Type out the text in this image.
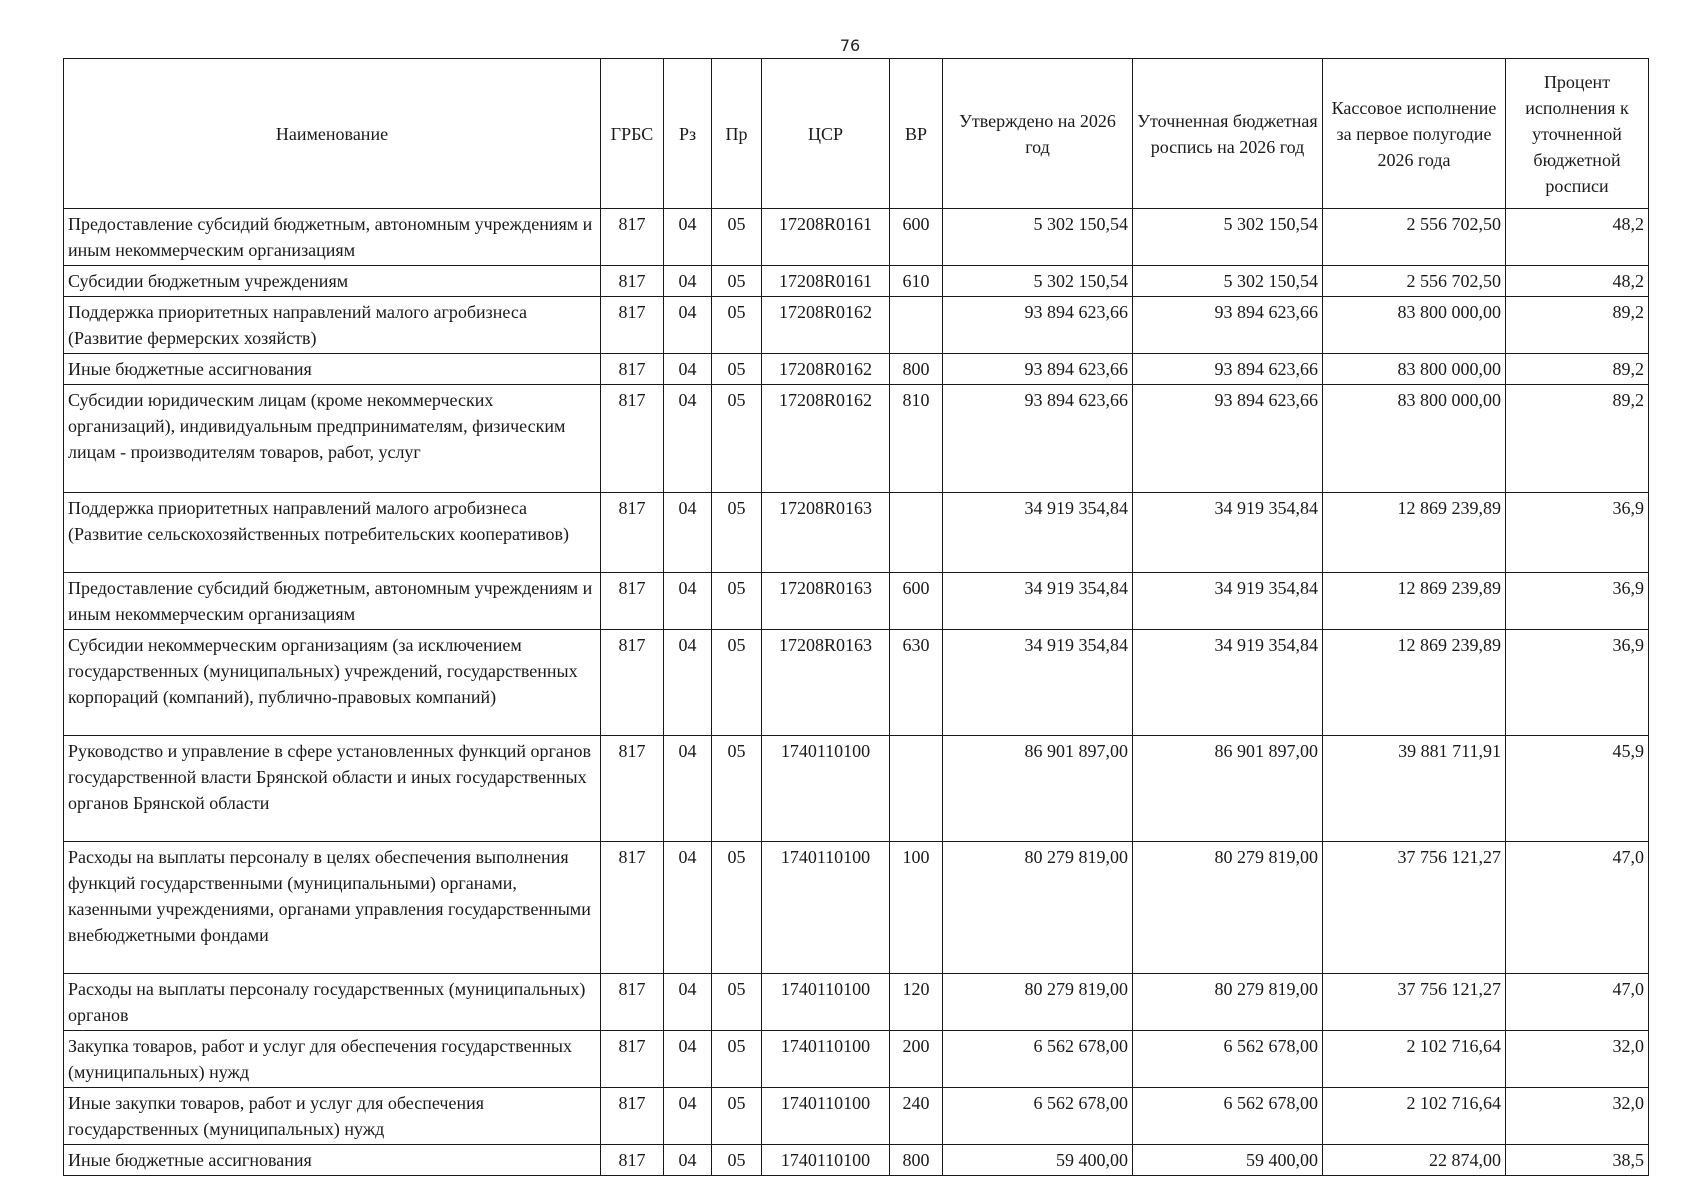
76
Наименование	ГРБС	Рз	Пр	ЦСР	ВР	Утверждено на 2026 год	Уточненная бюджетная роспись на 2026 год	Кассовое исполнение за первое полугодие 2026 года	Процент исполнения к уточненной бюджетной росписи
Предоставление субсидий бюджетным, автономным учреждениям и иным некоммерческим организациям	817	04	05	17208R0161	600	5 302 150,54	5 302 150,54	2 556 702,50	48,2
Субсидии бюджетным учреждениям	817	04	05	17208R0161	610	5 302 150,54	5 302 150,54	2 556 702,50	48,2
Поддержка приоритетных направлений малого агробизнеса (Развитие фермерских хозяйств)	817	04	05	17208R0162		93 894 623,66	93 894 623,66	83 800 000,00	89,2
Иные бюджетные ассигнования	817	04	05	17208R0162	800	93 894 623,66	93 894 623,66	83 800 000,00	89,2
Субсидии юридическим лицам (кроме некоммерческих организаций), индивидуальным предпринимателям, физическим лицам - производителям товаров, работ, услуг	817	04	05	17208R0162	810	93 894 623,66	93 894 623,66	83 800 000,00	89,2
Поддержка приоритетных направлений малого агробизнеса (Развитие сельскохозяйственных потребительских кооперативов)	817	04	05	17208R0163		34 919 354,84	34 919 354,84	12 869 239,89	36,9
Предоставление субсидий бюджетным, автономным учреждениям и иным некоммерческим организациям	817	04	05	17208R0163	600	34 919 354,84	34 919 354,84	12 869 239,89	36,9
Субсидии некоммерческим организациям (за исключением государственных (муниципальных) учреждений, государственных корпораций (компаний), публично-правовых компаний)	817	04	05	17208R0163	630	34 919 354,84	34 919 354,84	12 869 239,89	36,9
Руководство и управление в сфере установленных функций органов государственной власти Брянской области и иных государственных органов Брянской области	817	04	05	1740110100		86 901 897,00	86 901 897,00	39 881 711,91	45,9
Расходы на выплаты персоналу в целях обеспечения выполнения функций государственными (муниципальными) органами, казенными учреждениями, органами управления государственными внебюджетными фондами	817	04	05	1740110100	100	80 279 819,00	80 279 819,00	37 756 121,27	47,0
Расходы на выплаты персоналу государственных (муниципальных) органов	817	04	05	1740110100	120	80 279 819,00	80 279 819,00	37 756 121,27	47,0
Закупка товаров, работ и услуг для обеспечения государственных (муниципальных) нужд	817	04	05	1740110100	200	6 562 678,00	6 562 678,00	2 102 716,64	32,0
Иные закупки товаров, работ и услуг для обеспечения государственных (муниципальных) нужд	817	04	05	1740110100	240	6 562 678,00	6 562 678,00	2 102 716,64	32,0
Иные бюджетные ассигнования	817	04	05	1740110100	800	59 400,00	59 400,00	22 874,00	38,5
